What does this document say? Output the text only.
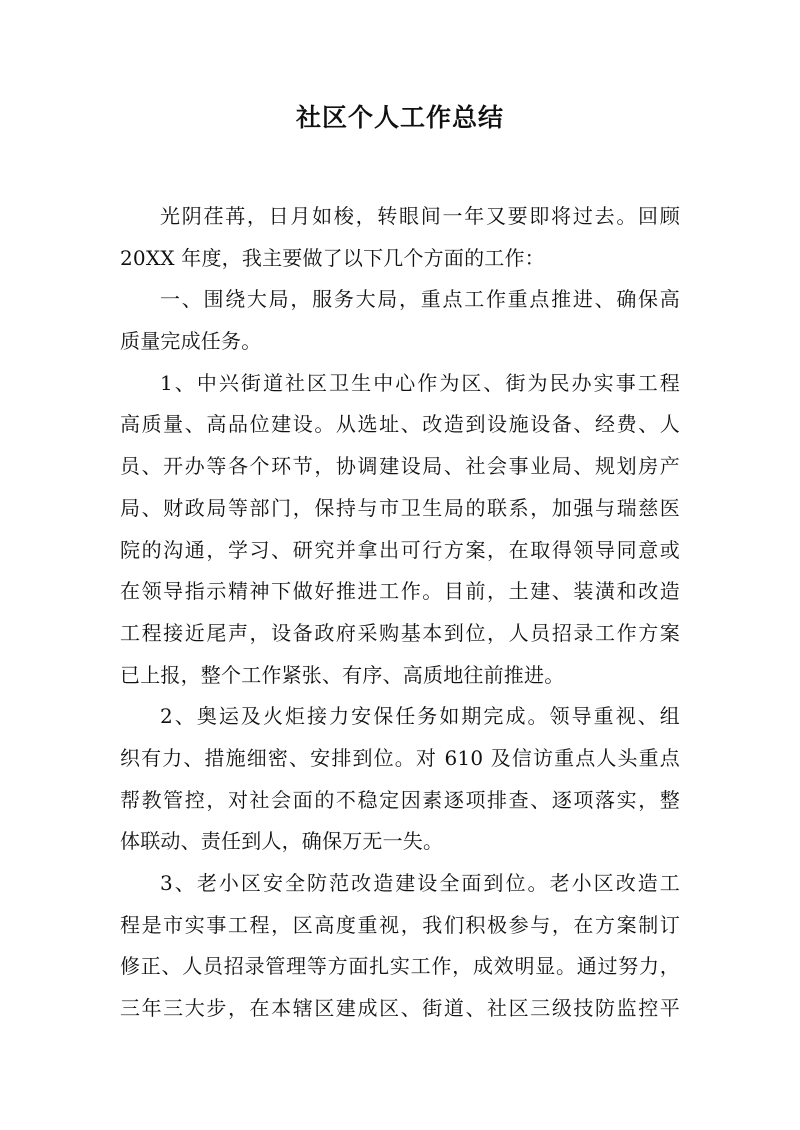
社区个人工作总结
光阴荏苒，日月如梭，转眼间一年又要即将过去。回顾
20XX 年度，我主要做了以下几个方面的工作：
一、围绕大局，服务大局，重点工作重点推进、确保高
质量完成任务。
1、中兴街道社区卫生中心作为区、街为民办实事工程
高质量、高品位建设。从选址、改造到设施设备、经费、人
员、开办等各个环节，协调建设局、社会事业局、规划房产
局、财政局等部门，保持与市卫生局的联系，加强与瑞慈医
院的沟通，学习、研究并拿出可行方案，在取得领导同意或
在领导指示精神下做好推进工作。目前，土建、装潢和改造
工程接近尾声，设备政府采购基本到位，人员招录工作方案
已上报，整个工作紧张、有序、高质地往前推进。
2、奥运及火炬接力安保任务如期完成。领导重视、组
织有力、措施细密、安排到位。对 610 及信访重点人头重点
帮教管控，对社会面的不稳定因素逐项排查、逐项落实，整
体联动、责任到人，确保万无一失。
3、老小区安全防范改造建设全面到位。老小区改造工
程是市实事工程，区高度重视，我们积极参与，在方案制订
修正、人员招录管理等方面扎实工作，成效明显。通过努力，
三年三大步，在本辖区建成区、街道、社区三级技防监控平
